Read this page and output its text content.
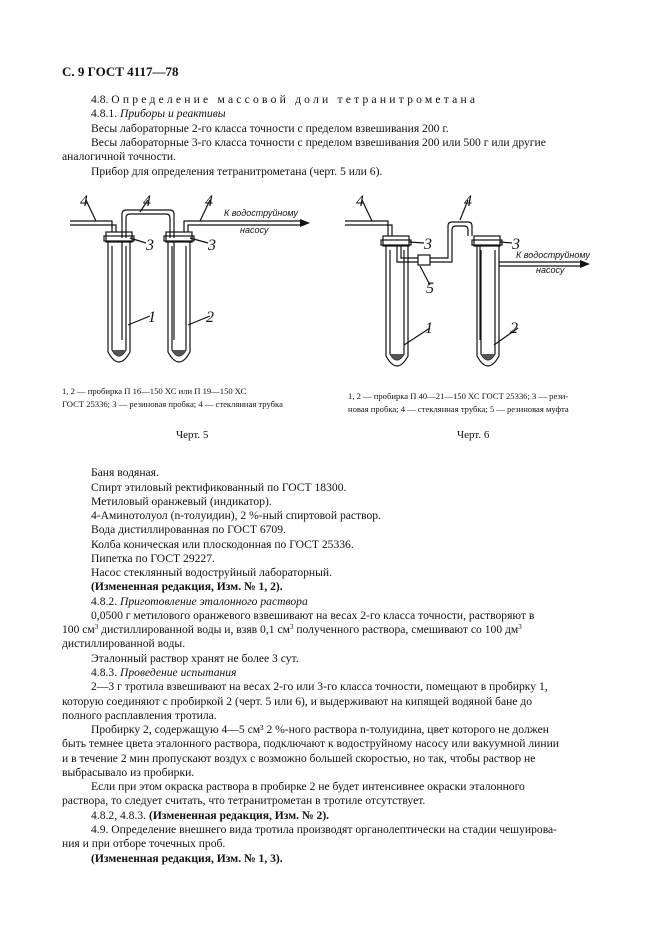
С. 9 ГОСТ 4117—78
4.8. Определение массовой доли тетранитрометана
4.8.1. Приборы и реактивы
Весы лабораторные 2-го класса точности с пределом взвешивания 200 г.
Весы лабораторные 3-го класса точности с пределом взвешивания 200 или 500 г или другие
аналогичной точности.
Прибор для определения тетранитрометана (черт. 5 или 6).
4	4	4
3	3
1	2
К водоструйному
насосу
4	4
3	3
5
1	2
К водоструйному
насосу
1, 2 — пробирка П 16—150 ХС или П 19—150 ХС
ГОСТ 25336; 3 — резиновая пробка; 4 — стеклянная трубка
Черт. 5
1, 2 — пробирка П 40—21—150 ХС ГОСТ 25336; 3 — рези-
новая пробка; 4 — стеклянная трубка; 5 — резиновая муфта
Черт. 6
Баня водяная.
Спирт этиловый ректификованный по ГОСТ 18300.
Метиловый оранжевый (индикатор).
4-Аминотолуол (n-толуидин), 2 %-ный спиртовой раствор.
Вода дистиллированная по ГОСТ 6709.
Колба коническая или плоскодонная по ГОСТ 25336.
Пипетка по ГОСТ 29227.
Насос стеклянный водоструйный лабораторный.
(Измененная редакция, Изм. № 1, 2).
4.8.2. Приготовление эталонного раствора
0,0500 г метилового оранжевого взвешивают на весах 2-го класса точности, растворяют в
100 $см^3$ дистиллированной воды и, взяв 0,1 $см^3$ полученного раствора, смешивают со 100 $дм^3$
дистиллированной воды.
Эталонный раствор хранят не более 3 сут.
4.8.3. Проведение испытания
2—3 г тротила взвешивают на весах 2-го или 3-го класса точности, помещают в пробирку 1,
которую соединяют с пробиркой 2 (черт. 5 или 6), и выдерживают на кипящей водяной бане до
полного расплавления тротила.
Пробирку 2, содержащую 4—5 см³ 2 %-ного раствора n-толуидина, цвет которого не должен
быть темнее цвета эталонного раствора, подключают к водоструйному насосу или вакуумной линии
и в течение 2 мин пропускают воздух с возможно большей скоростью, но так, чтобы раствор не
выбрасывало из пробирки.
Если при этом окраска раствора в пробирке 2 не будет интенсивнее окраски эталонного
раствора, то следует считать, что тетранитрометан в тротиле отсутствует.
4.8.2, 4.8.3. (Измененная редакция, Изм. № 2).
4.9. Определение внешнего вида тротила производят органолептически на стадии чешуирова-
ния и при отборе точечных проб.
(Измененная редакция, Изм. № 1, 3).
